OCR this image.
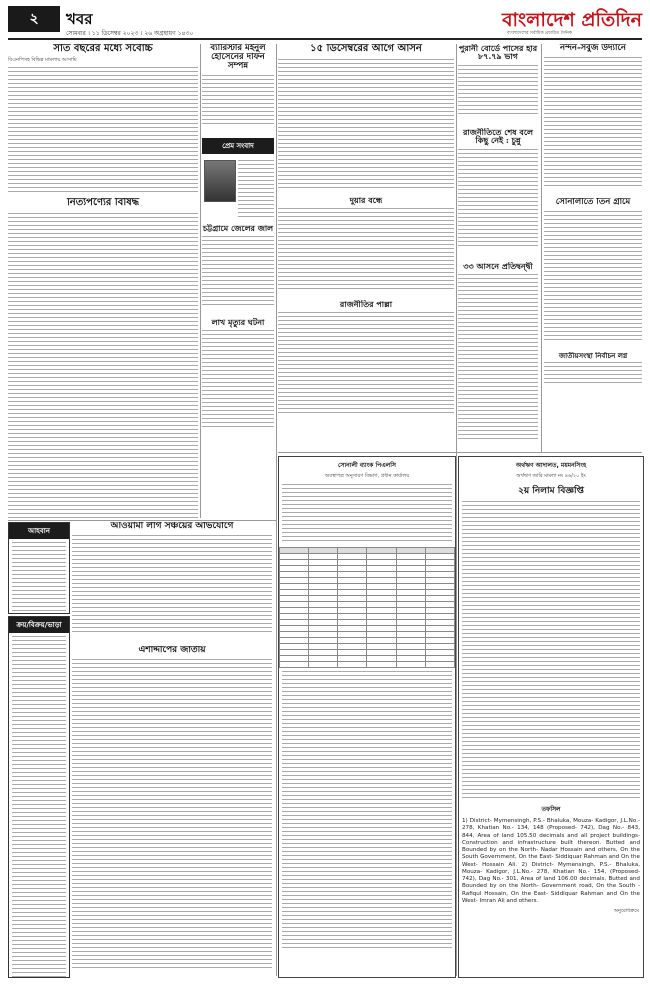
২	খবর
সোমবার । ১১ ডিসেম্বর ২০২৩ । ২৬ অগ্রহায়ণ ১৪৩০	বাংলাদেশের সর্বাধিক প্রচারিত দৈনিক
বাংলাদেশ প্রতিদিন
সাত বছরের মধ্যে সর্বোচ্চ
বিএনপিসহ বিভিন্ন মামলায় আসামি
নিত্যপণ্যের বিষিদ্ধ
ব্যারিস্টার মইনুল হোসেনের দাফন সম্পন্ন
প্রেম সংবাদ
চট্টগ্রামে জেলের জাল
লাখ মৃত্যুর ঘটনা
১৫ ডিসেম্বরের আগে আসন
দুয়ার বন্ধে
রাজনীতির পাল্লা
পুরানী বোর্ডে পাসের হার ৮৭.৭৯ ভাগ
রাজনীতিতে শেষ বলে কিছু নেই : চুন্নু
৩৩ আসনে প্রতিদ্বন্দ্বী
নন্দন-সবুজ উদ্যানে
সোনালীতে তিন গ্রামে
জাতীয়সংস্থা নির্বাচন লগ্ন
আহবান
ক্রয়/বিক্রয়/ভাড়া
আওয়ামী লীগ সঞ্চয়ের অভিযোগে
এশাদ্দীপের জাতীয়
সোনালী ব্যাংক পিএলসি
অবস্থাপত্র অনুসারণ বিভাগ, প্রধান কার্যালয়

অর্থঋণ আদালত, ময়মনসিংহ
অর্থঋণ জারি মামলা নং ৪৬/২০ ইং
২য় নিলাম বিজ্ঞপ্তি
তফসিল
1) District- Mymensingh, P.S.- Bhaluka, Mouza- Kadigor, J.L.No.- 278, Khatian No.- 134, 148 (Proposed- 742), Dag No.- 843, 844, Area of land 105.50 decimals and all project buildings- Construction and infrastructure built thereon. Butted and Bounded by on the North- Nadar Hossain and others, On the South Government, On the East- Siddiquar Rahman and On the West- Hossain Ali. 2) District- Mymensingh, P.S.- Bhaluka, Mouza- Kadigor, J.L.No.- 278, Khatian No.- 154, (Proposed- 742), Dag No.- 301, Area of land 106.00 decimals. Butted and Bounded by on the North- Government road, On the South - Rafiqul Hossain, On the East- Siddiquar Rahman and On the West- Imran Ali and others.
অনুরোধক্রমে
